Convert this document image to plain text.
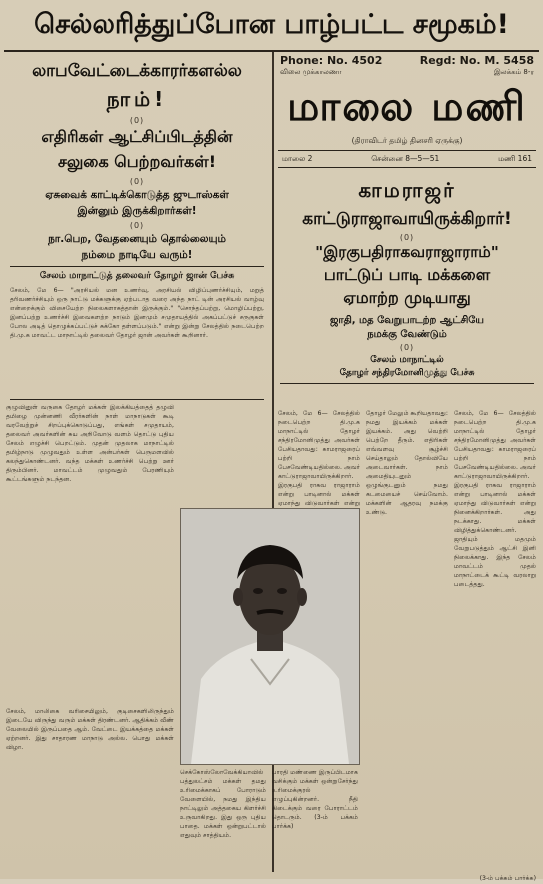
செல்லரித்துப்போன பாழ்பட்ட சமூகம்!
லாபவேட்டைக்காரர்களல்ல
நாம்!
(0)
எதிரிகள் ஆட்சிப்பிடத்தின்
சலுகை பெற்றவர்கள்!
(0)
ஏசுவைக் காட்டிக்கொடுத்த ஜுடாஸ்கள்
இன்னும் இருக்கிறார்கள்!
(0)
நா.பெற, வேதனையும் தொல்லையும்
நம்மை நாடியே வரும்!
சேலம் மாநாட்டுத் தலைவர் தோழர் ஜான் பேச்சு
சேலம், மே 6— "அரசியல் மன உணர்வு, அரசியல் விழிப்புணர்ச்சியும், மறுத் தரிவணர்ச்சியும் ஒரு நாட்டு மக்களுக்கு ஏற்படாத வரை அந்த நாட் டின் அரசியல் வாழ்வு என்றைக்கும் விசையேற்ற நிலைகளாகத்தான் இருக்கும்." "சொந்தப்பற்று, மொழிப்பற்று, இனப்பற்று உணர்ச்சி இவைகளற்ற நாடும் இனமும் சமுதாயத்தில் அகப்பட்டுச் சருகுகள் போல அடித் தொழுக்கப்பட்டுச் சுக்கோ தள்ளப்படும்." என்று இன்று சேலத்தில் நடைபெற்ற தி.மு.க மாவட்ட மாநாட்டில் தலைவர் தோழர் ஜான் அவர்கள் கூறினார்.
குழுவினுள் வருகை தோழர் மக்கள் இலக்கியத்தைத் தழுவி தமிழை முன்னணி வீரர்களின் நாள் மாநாடுகள் கூடி வரவேற்றுச் சிறப்புக்கொடுப்பது, எங்கள் சமுதாயம், தலைவர் அவர்களின் சுய அறிவோடு வளம் தொட்டு புதிய சேலம் எழுச்சி பெறட்டும். முதன் முதலாக மாநாட்டில் தமிழ்நாடு முழுவதும் உள்ள அன்பர்கள் பெருமளவில் கலந்துகொண்டனர். வந்த மக்கள் உணர்ச்சி பெற்று ஊர் திரும்பினர். மாவட்டம் முழுவதும் பேரணியும் கூட்டங்களும் நடந்தன.
சேலம், மாலிகை வரிசையிலும், குடிசைகளிலிருந்தும் இடையே விருந்து வரும் மக்கள் திரண்டனர். ஆதிக்கம் வீண் வேலையில் இருப்பதை ஆம். வேட்டை இயக்கத்தை மக்கள் ஏற்றனர். இது சாதாரண மாநாடு அல்ல. பொது மக்கள் விழா.
Phone: No. 4502	Regd: No. M. 5458
விலை முக்காலணா	இலக்கம் 8-ர
மாலை மணி
(திராவிடர் தமிழ் தினசரி ஏருக்கு)
மாலை 2	சென்னை 8—5—51	மணி 161
காமராஜர்
காட்டுராஜாவாயிருக்கிறார்!
(0)
"இரகுபதிராகவராஜாராம்"
பாட்டுப் பாடி மக்களை
ஏமாற்ற முடியாது
ஜாதி, மத வேறுபாடற்ற ஆட்சியே
நமக்கு வேண்டும்
(0)
சேலம் மாநாட்டில்
தோழர் சந்திரமோனிமுத்து பேச்சு
சேலம், மே 6— சேலத்தில் நடைபெற்ற தி.மு.க மாநாட்டில் தோழர் சந்திரமோனிமுத்து அவர்கள் பேசியதாவது: காமராஜரைப் பற்றி நாம் பேசவேண்டியதில்லை. அவர் காட்டுராஜாவாயிருக்கிறார். இரகுபதி ராகவ ராஜாராம் என்று பாடினால் மக்கள் ஏமாந்து விடுவார்கள் என்று
தோழர் மேலும் கூறியதாவது: நமது இயக்கம் மக்கள் இயக்கம். அது வெற்றி பெற்றே தீரும். எதிரிகள் எவ்வளவு சூழ்ச்சி செய்தாலும் தோல்வியே அடைவார்கள். நாம் அமைதியுடனும் ஒழுங்குடனும் நமது கடமையைச் செய்வோம். மக்களின் ஆதரவு நமக்கு உண்டு.
சேலம், மே 6— சேலத்தில் நடைபெற்ற தி.மு.க மாநாட்டில் தோழர் சந்திரமோனிமுத்து அவர்கள் பேசியதாவது: காமராஜரைப் பற்றி நாம் பேசவேண்டியதில்லை. அவர் காட்டுராஜாவாயிருக்கிறார். இரகுபதி ராகவ ராஜாராம் என்று பாடினால் மக்கள் ஏமாந்து விடுவார்கள் என்று நினைக்கிறார்கள். அது நடக்காது. மக்கள் விழித்துக்கொண்டனர். ஜாதியும் மதமும் வேறுபடுத்தும் ஆட்சி இனி நிலைக்காது. இந்த சேலம் மாவட்டம் முதல் மாநாட்டைக் கூட்டி வரலாறு படைத்தது.
(3-ம் பக்கம் பார்க்க)
செக்கோஸ்லோவேக்கியாவில் பத்துலட்சம் மக்கள் தமது உரிமைக்காகப் போராடும் வேளையில், நமது இந்திய நாட்டிலும் அத்தகைய கிளர்ச்சி உருவாகிறது. இது ஒரு புதிய பாதை. மக்கள் ஒன்றுபட்டால் எதுவும் சாத்தியம்.
பாரதி மண்ணை இருப்பிடமாக வசிக்கும் மக்கள் ஒன்றுசேர்ந்து உரிமைக்குரல் எழுப்புகின்றனர். நீதி கிடைக்கும் வரை போராட்டம் தொடரும். (3-ம் பக்கம் பார்க்க)
